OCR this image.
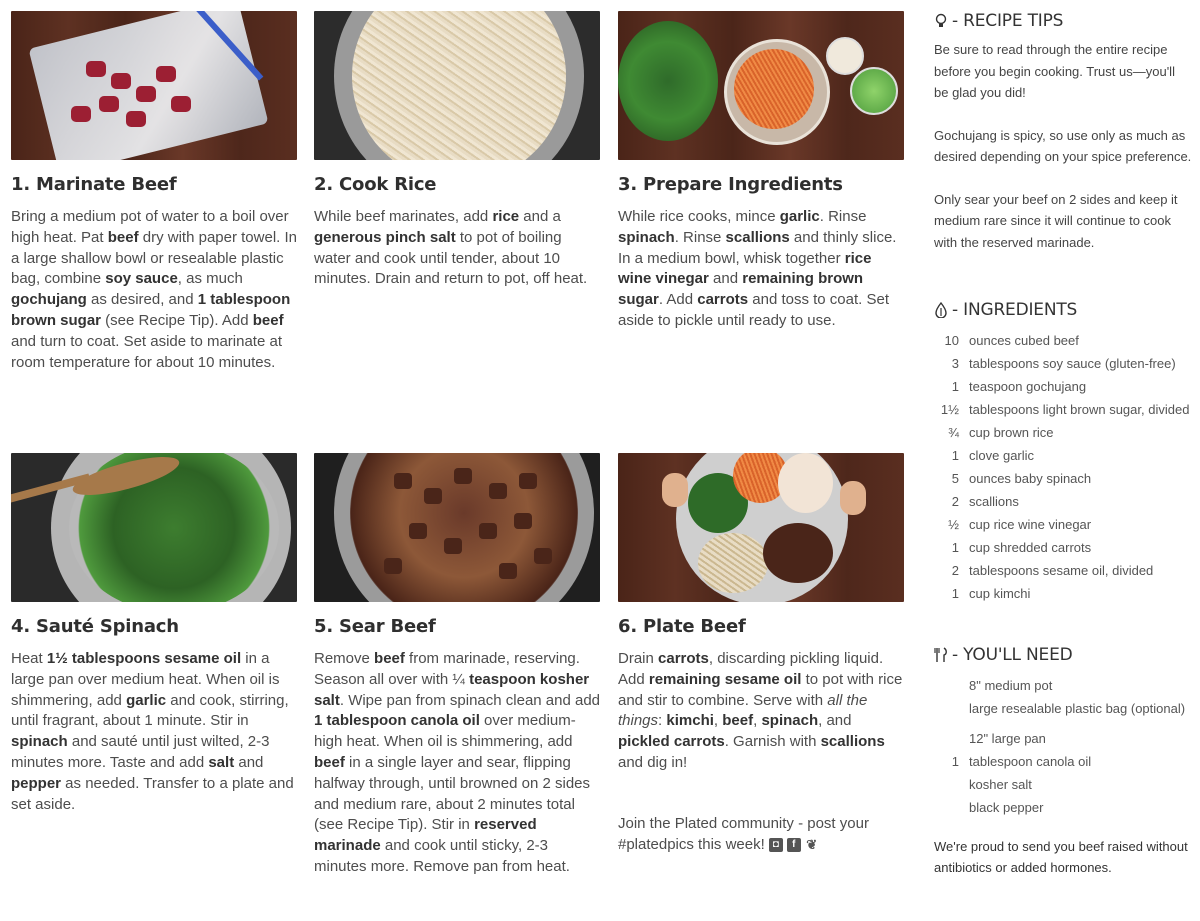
1. Marinate Beef

Bring a medium pot of water to a boil over high heat. Pat beef dry with paper towel. In a large shallow bowl or resealable plastic bag, combine soy sauce, as much gochujang as desired, and 1 tablespoon brown sugar (see Recipe Tip). Add beef and turn to coat. Set aside to marinate at room temperature for about 10 minutes.

2. Cook Rice

While beef marinates, add rice and a generous pinch salt to pot of boiling water and cook until tender, about 10 minutes. Drain and return to pot, off heat.

3. Prepare Ingredients

While rice cooks, mince garlic. Rinse spinach. Rinse scallions and thinly slice. In a medium bowl, whisk together rice wine vinegar and remaining brown sugar. Add carrots and toss to coat. Set aside to pickle until ready to use.

4. Sauté Spinach

Heat 1½ tablespoons sesame oil in a large pan over medium heat. When oil is shimmering, add garlic and cook, stirring, until fragrant, about 1 minute. Stir in spinach and sauté until just wilted, 2-3 minutes more. Taste and add salt and pepper as needed. Transfer to a plate and set aside.

5. Sear Beef

Remove beef from marinade, reserving. Season all over with ¼ teaspoon kosher salt. Wipe pan from spinach clean and add 1 tablespoon canola oil over medium-high heat. When oil is shimmering, add beef in a single layer and sear, flipping halfway through, until browned on 2 sides and medium rare, about 2 minutes total (see Recipe Tip). Stir in reserved marinade and cook until sticky, 2-3 minutes more. Remove pan from heat.

6. Plate Beef

Drain carrots, discarding pickling liquid. Add remaining sesame oil to pot with rice and stir to combine. Serve with all the things: kimchi, beef, spinach, and pickled carrots. Garnish with scallions and dig in!

Join the Plated community - post your #platedpics this week! ◘	f ❦

- RECIPE TIPS

Be sure to read through the entire recipe before you begin cooking. Trust us—you'll be glad you did!

Gochujang is spicy, so use only as much as desired depending on your spice preference.

Only sear your beef on 2 sides and keep it medium rare since it will continue to cook with the reserved marinade.

- INGREDIENTS
10 ounces cubed beef
3 tablespoons soy sauce (gluten-free)
1 teaspoon gochujang
1½ tablespoons light brown sugar, divided
¾ cup brown rice
1 clove garlic
5 ounces baby spinach
2 scallions
½ cup rice wine vinegar
1 cup shredded carrots
2 tablespoons sesame oil, divided
1 cup kimchi
- YOU'LL NEED
8" medium pot
large resealable plastic bag (optional)
12" large pan
1 tablespoon canola oil
kosher salt
black pepper

We're proud to send you beef raised without antibiotics or added hormones.
